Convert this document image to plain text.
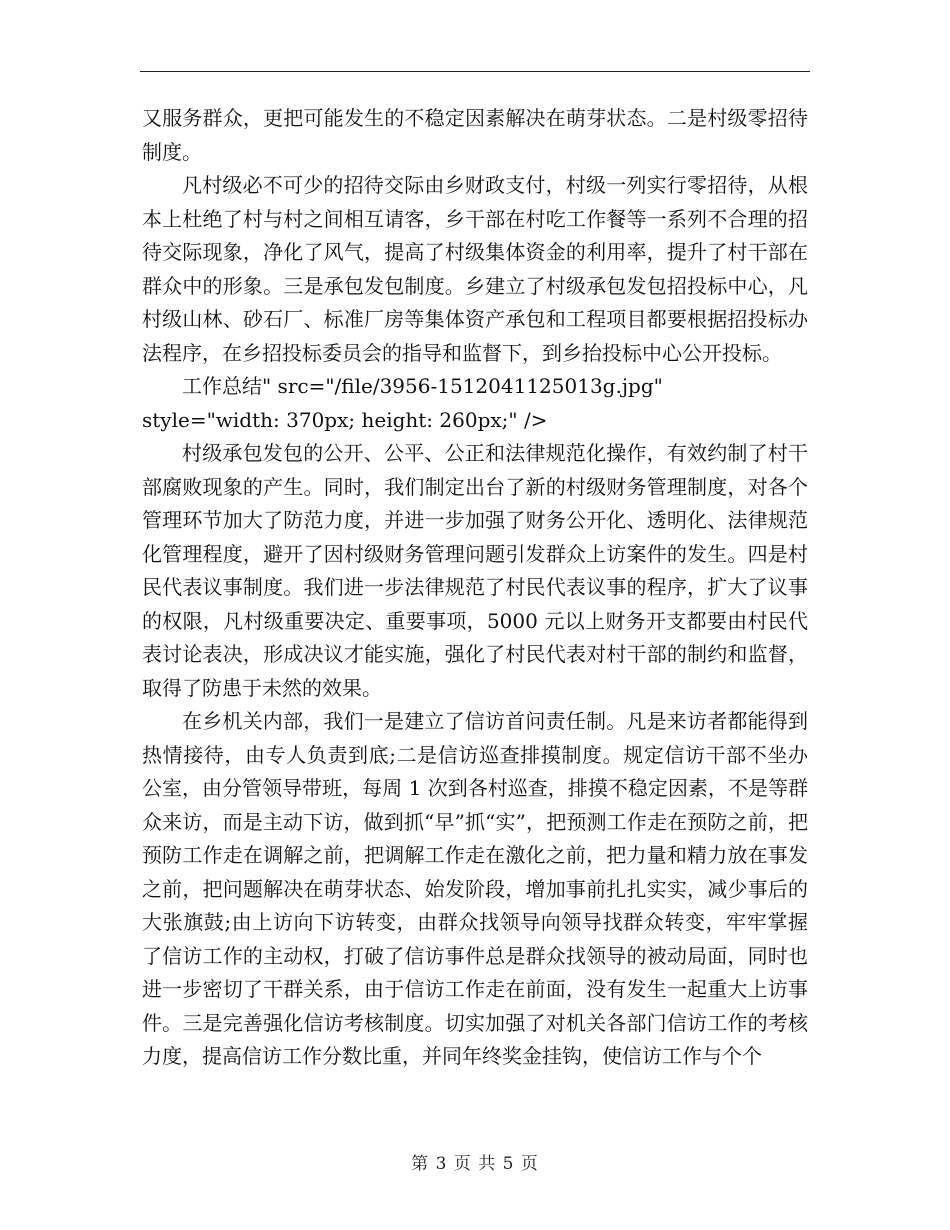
又服务群众，更把可能发生的不稳定因素解决在萌芽状态。二是村级零招待制度。

凡村级必不可少的招待交际由乡财政支付，村级一列实行零招待，从根本上杜绝了村与村之间相互请客，乡干部在村吃工作餐等一系列不合理的招待交际现象，净化了风气，提高了村级集体资金的利用率，提升了村干部在群众中的形象。三是承包发包制度。乡建立了村级承包发包招投标中心，凡村级山林、砂石厂、标准厂房等集体资产承包和工程项目都要根据招投标办法程序，在乡招投标委员会的指导和监督下，到乡抬投标中心公开投标。

工作总结" src="/file/3956-1512041125013g.jpg"
style="width: 370px; height: 260px;" />

村级承包发包的公开、公平、公正和法律规范化操作，有效约制了村干部腐败现象的产生。同时，我们制定出台了新的村级财务管理制度，对各个管理环节加大了防范力度，并进一步加强了财务公开化、透明化、法律规范化管理程度，避开了因村级财务管理问题引发群众上访案件的发生。四是村民代表议事制度。我们进一步法律规范了村民代表议事的程序，扩大了议事的权限，凡村级重要决定、重要事项，5000 元以上财务开支都要由村民代表讨论表决，形成决议才能实施，强化了村民代表对村干部的制约和监督，取得了防患于未然的效果。

在乡机关内部，我们一是建立了信访首问责任制。凡是来访者都能得到热情接待，由专人负责到底;二是信访巡查排摸制度。规定信访干部不坐办公室，由分管领导带班，每周 1 次到各村巡查，排摸不稳定因素，不是等群众来访，而是主动下访，做到抓“早”抓“实”，把预测工作走在预防之前，把预防工作走在调解之前，把调解工作走在激化之前，把力量和精力放在事发之前，把问题解决在萌芽状态、始发阶段，增加事前扎扎实实，减少事后的大张旗鼓;由上访向下访转变，由群众找领导向领导找群众转变，牢牢掌握了信访工作的主动权，打破了信访事件总是群众找领导的被动局面，同时也进一步密切了干群关系，由于信访工作走在前面，没有发生一起重大上访事件。三是完善强化信访考核制度。切实加强了对机关各部门信访工作的考核力度，提高信访工作分数比重，并同年终奖金挂钩，使信访工作与个个

第 3 页 共 5 页
